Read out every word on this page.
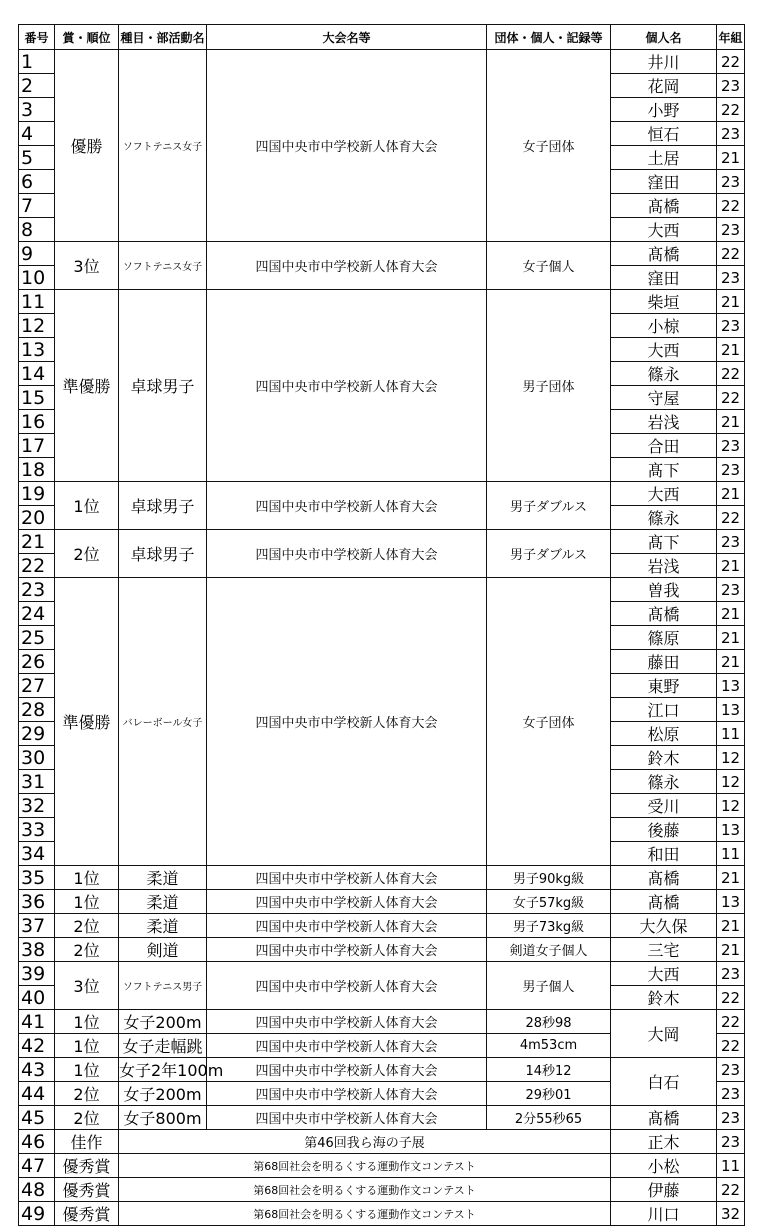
番号	賞・順位	種目・部活動名	大会名等	団体・個人・記録等	個人名	年組
1	優勝	ソフトテニス女子	四国中央市中学校新人体育大会	女子団体	井川	22
2					花岡	23
3					小野	22
4					恒石	23
5					土居	21
6					窪田	23
7					髙橋	22
8					大西	23
9	3位	ソフトテニス女子	四国中央市中学校新人体育大会	女子個人	髙橋	22
10					窪田	23
11	準優勝	卓球男子	四国中央市中学校新人体育大会	男子団体	柴垣	21
12					小椋	23
13					大西	21
14					篠永	22
15					守屋	22
16					岩浅	21
17					合田	23
18					髙下	23
19	1位	卓球男子	四国中央市中学校新人体育大会	男子ダブルス	大西	21
20					篠永	22
21	2位	卓球男子	四国中央市中学校新人体育大会	男子ダブルス	髙下	23
22					岩浅	21
23	準優勝	バレーボール女子	四国中央市中学校新人体育大会	女子団体	曽我	23
24					髙橋	21
25					篠原	21
26					藤田	21
27					東野	13
28					江口	13
29					松原	11
30					鈴木	12
31					篠永	12
32					受川	12
33					後藤	13
34					和田	11
35	1位	柔道	四国中央市中学校新人体育大会	男子90kg級	髙橋	21
36	1位	柔道	四国中央市中学校新人体育大会	女子57kg級	髙橋	13
37	2位	柔道	四国中央市中学校新人体育大会	男子73kg級	大久保	21
38	2位	剣道	四国中央市中学校新人体育大会	剣道女子個人	三宅	21
39	3位	ソフトテニス男子	四国中央市中学校新人体育大会	男子個人	大西	23
40					鈴木	22
41	1位	女子200m	四国中央市中学校新人体育大会	28秒98	大岡	22
42	1位	女子走幅跳	四国中央市中学校新人体育大会	4m53cm		22
43	1位	女子2年100m	四国中央市中学校新人体育大会	14秒12	白石	23
44	2位	女子200m	四国中央市中学校新人体育大会	29秒01		23
45	2位	女子800m	四国中央市中学校新人体育大会	2分55秒65	髙橋	23
46	佳作	第46回我ら海の子展			正木	23
47	優秀賞	第68回社会を明るくする運動作文コンテスト			小松	11
48	優秀賞	第68回社会を明るくする運動作文コンテスト			伊藤	22
49	優秀賞	第68回社会を明るくする運動作文コンテスト			川口	32
